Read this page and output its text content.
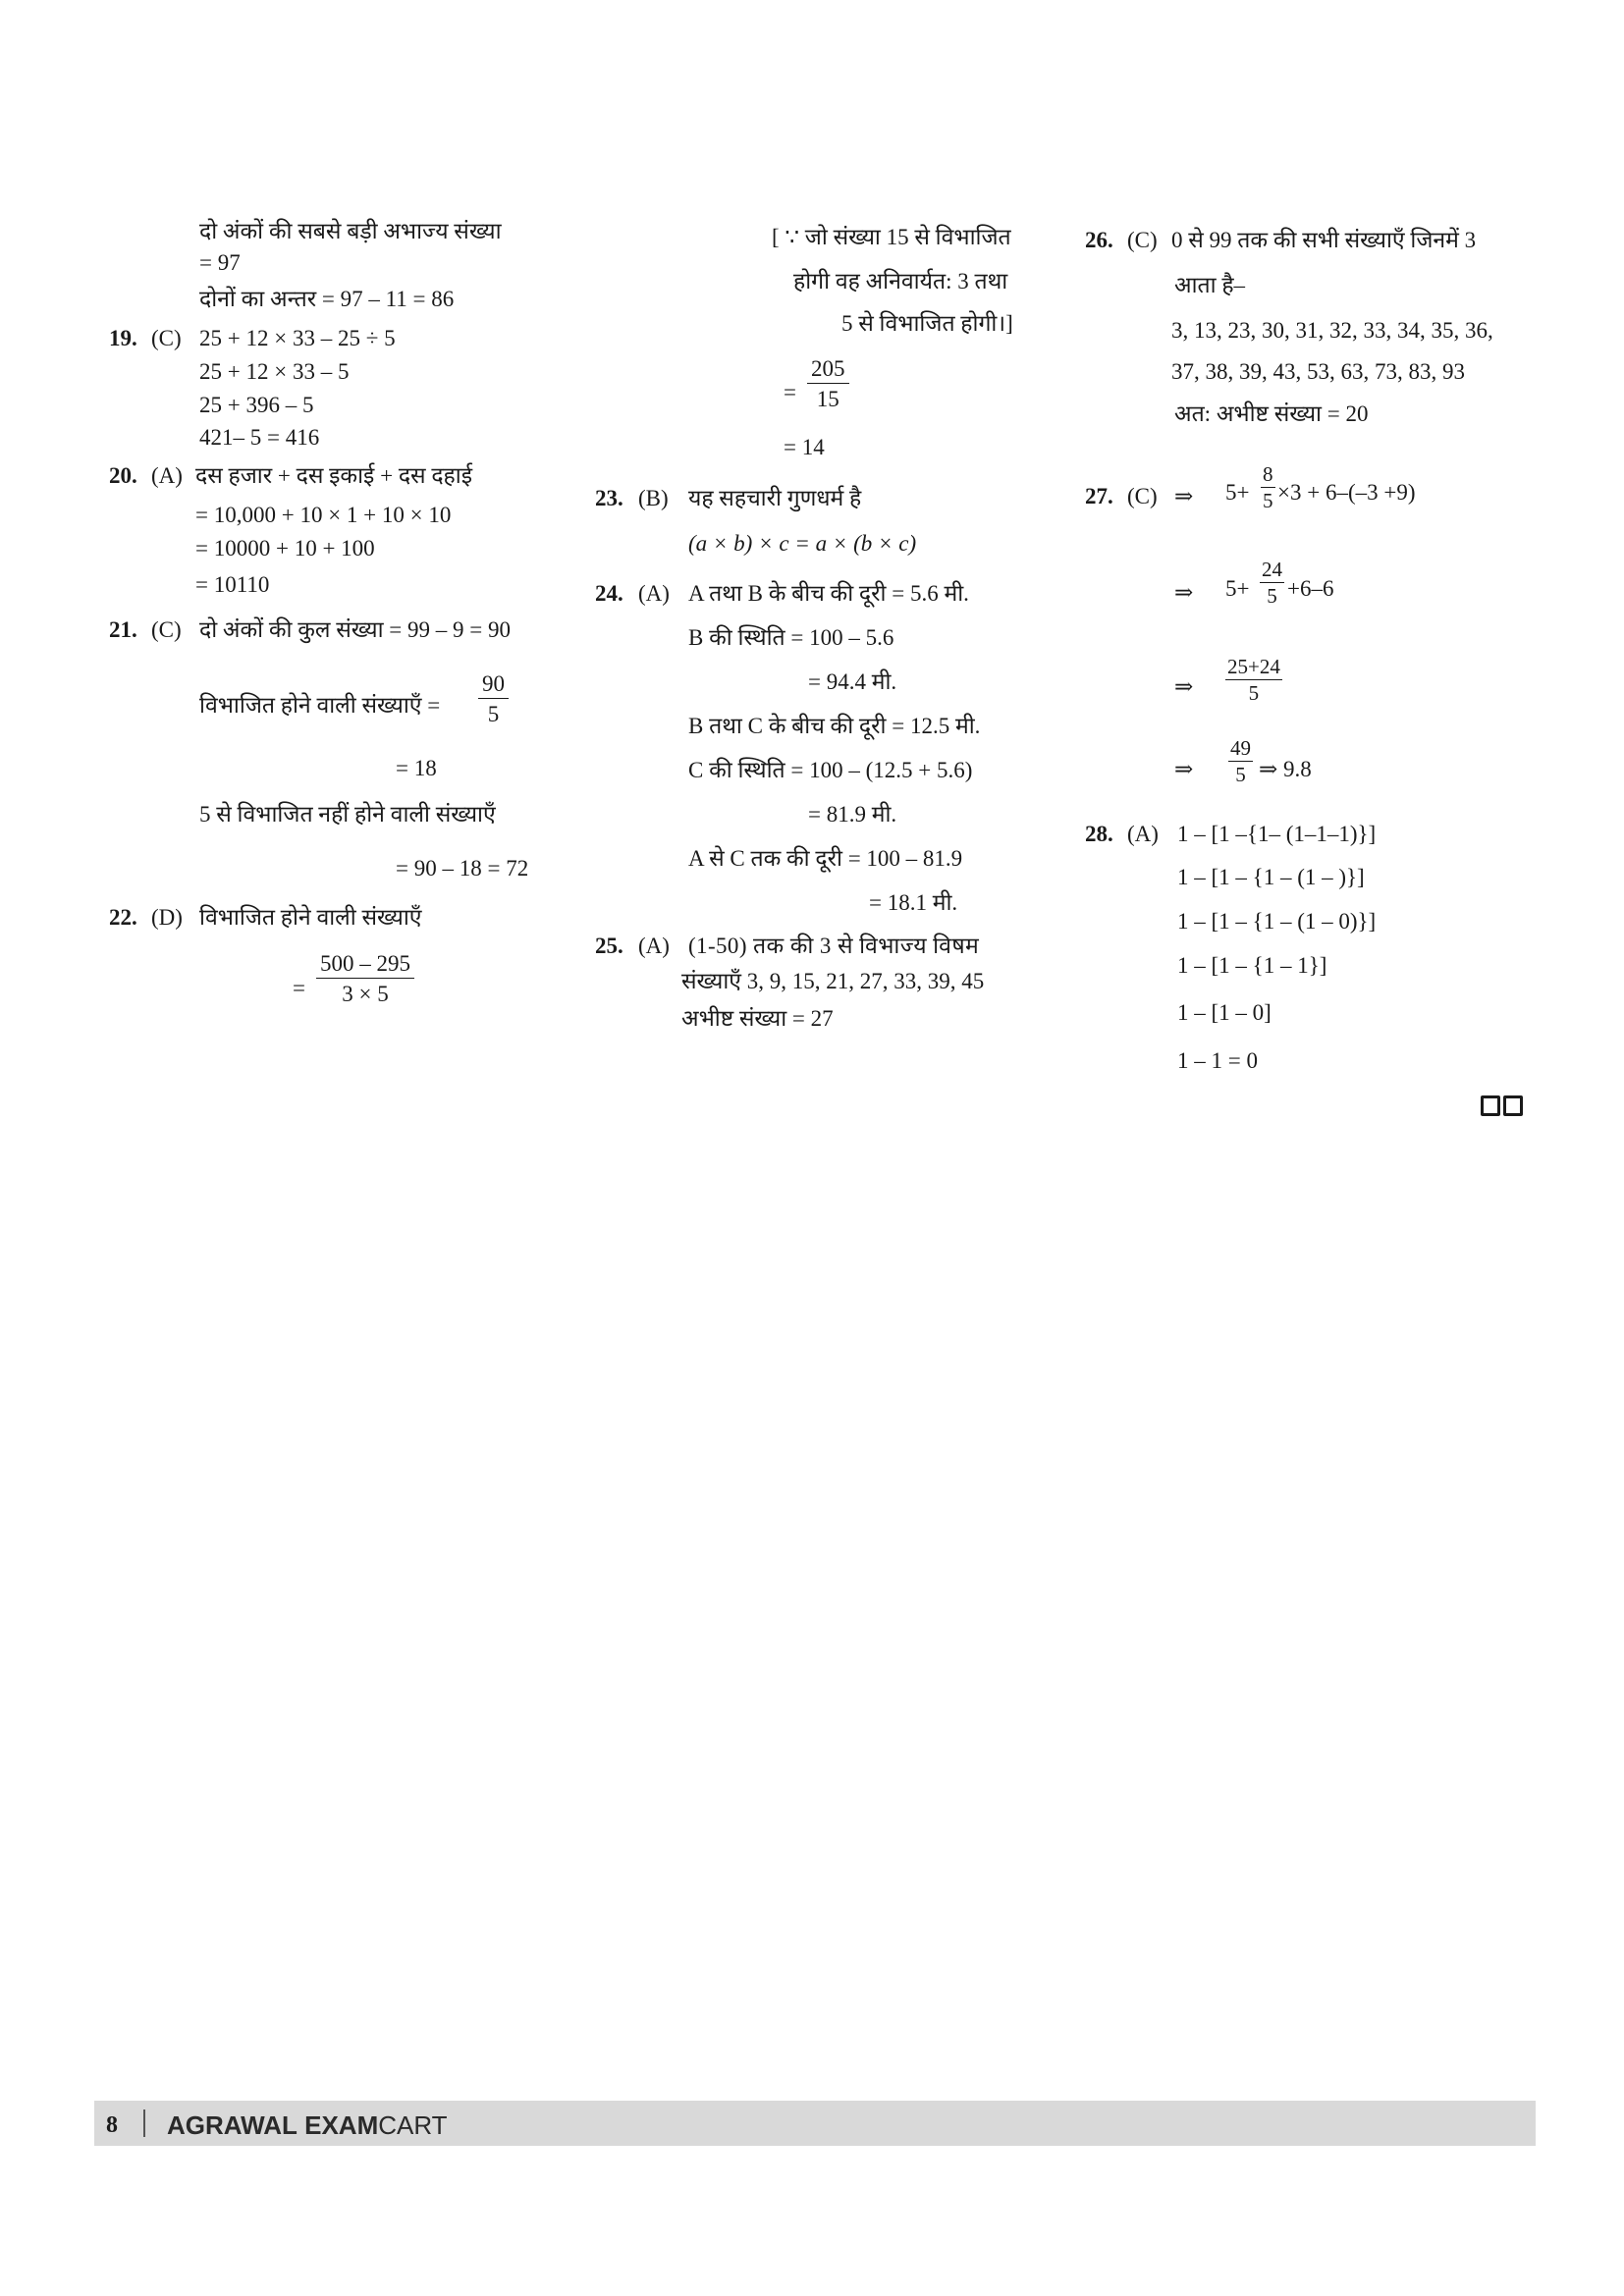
दो अंकों की सबसे बड़ी अभाज्य संख्या
= 97
दोनों का अन्तर = 97 – 11 = 86
19. (C) 25 + 12 × 33 – 25 ÷ 5
25 + 12 × 33 – 5
25 + 396 – 5
421– 5 = 416
20. (A) दस हजार + दस इकाई + दस दहाई
= 10,000 + 10 × 1 + 10 × 10
= 10000 + 10 + 100
= 10110
21. (C) दो अंकों की कुल संख्या = 99 – 9 = 90
विभाजित होने वाली संख्याएँ = $\frac{90}{5}$
= 18
5 से विभाजित नहीं होने वाली संख्याएँ
= 90 – 18 = 72
22. (D) विभाजित होने वाली संख्याएँ
= $\frac{500 - 295}{3 \times 5}$
[ ∵ जो संख्या 15 से विभाजित
होगी वह अनिवार्यत: 3 तथा
5 से विभाजित होगी।]
= $\frac{205}{15}$
= 14
23. (B) यह सहचारी गुणधर्म है
(a × b) × c = a × (b × c)
24. (A) A तथा B के बीच की दूरी = 5.6 मी.
B की स्थिति = 100 – 5.6
= 94.4 मी.
B तथा C के बीच की दूरी = 12.5 मी.
C की स्थिति = 100 – (12.5 + 5.6)
= 81.9 मी.
A से C तक की दूरी = 100 – 81.9
= 18.1 मी.
25. (A) (1-50) तक की 3 से विभाज्य विषम
संख्याएँ 3, 9, 15, 21, 27, 33, 39, 45
अभीष्ट संख्या = 27
26. (C) 0 से 99 तक की सभी संख्याएँ जिनमें 3
आता है–
3, 13, 23, 30, 31, 32, 33, 34, 35, 36,
37, 38, 39, 43, 53, 63, 73, 83, 93
अत: अभीष्ट संख्या = 20
27. (C) ⇒ $5+ \frac{8}{5} \times 3 + 6-(-3 +9)$
⇒ $5+ \frac{24}{5} +6-6$
⇒ $\frac{25+24}{5}$
⇒ $\frac{49}{5}$ ⇒ 9.8
28. (A) 1 – [1 –{1– (1–1–1)}]
1 – [1 – {1 – (1 – )}]
1 – [1 – {1 – (1 – 0)}]
1 – [1 – {1 – 1}]
1 – [1 – 0]
1 – 1 = 0
8 AGRAWAL EXAMCART
